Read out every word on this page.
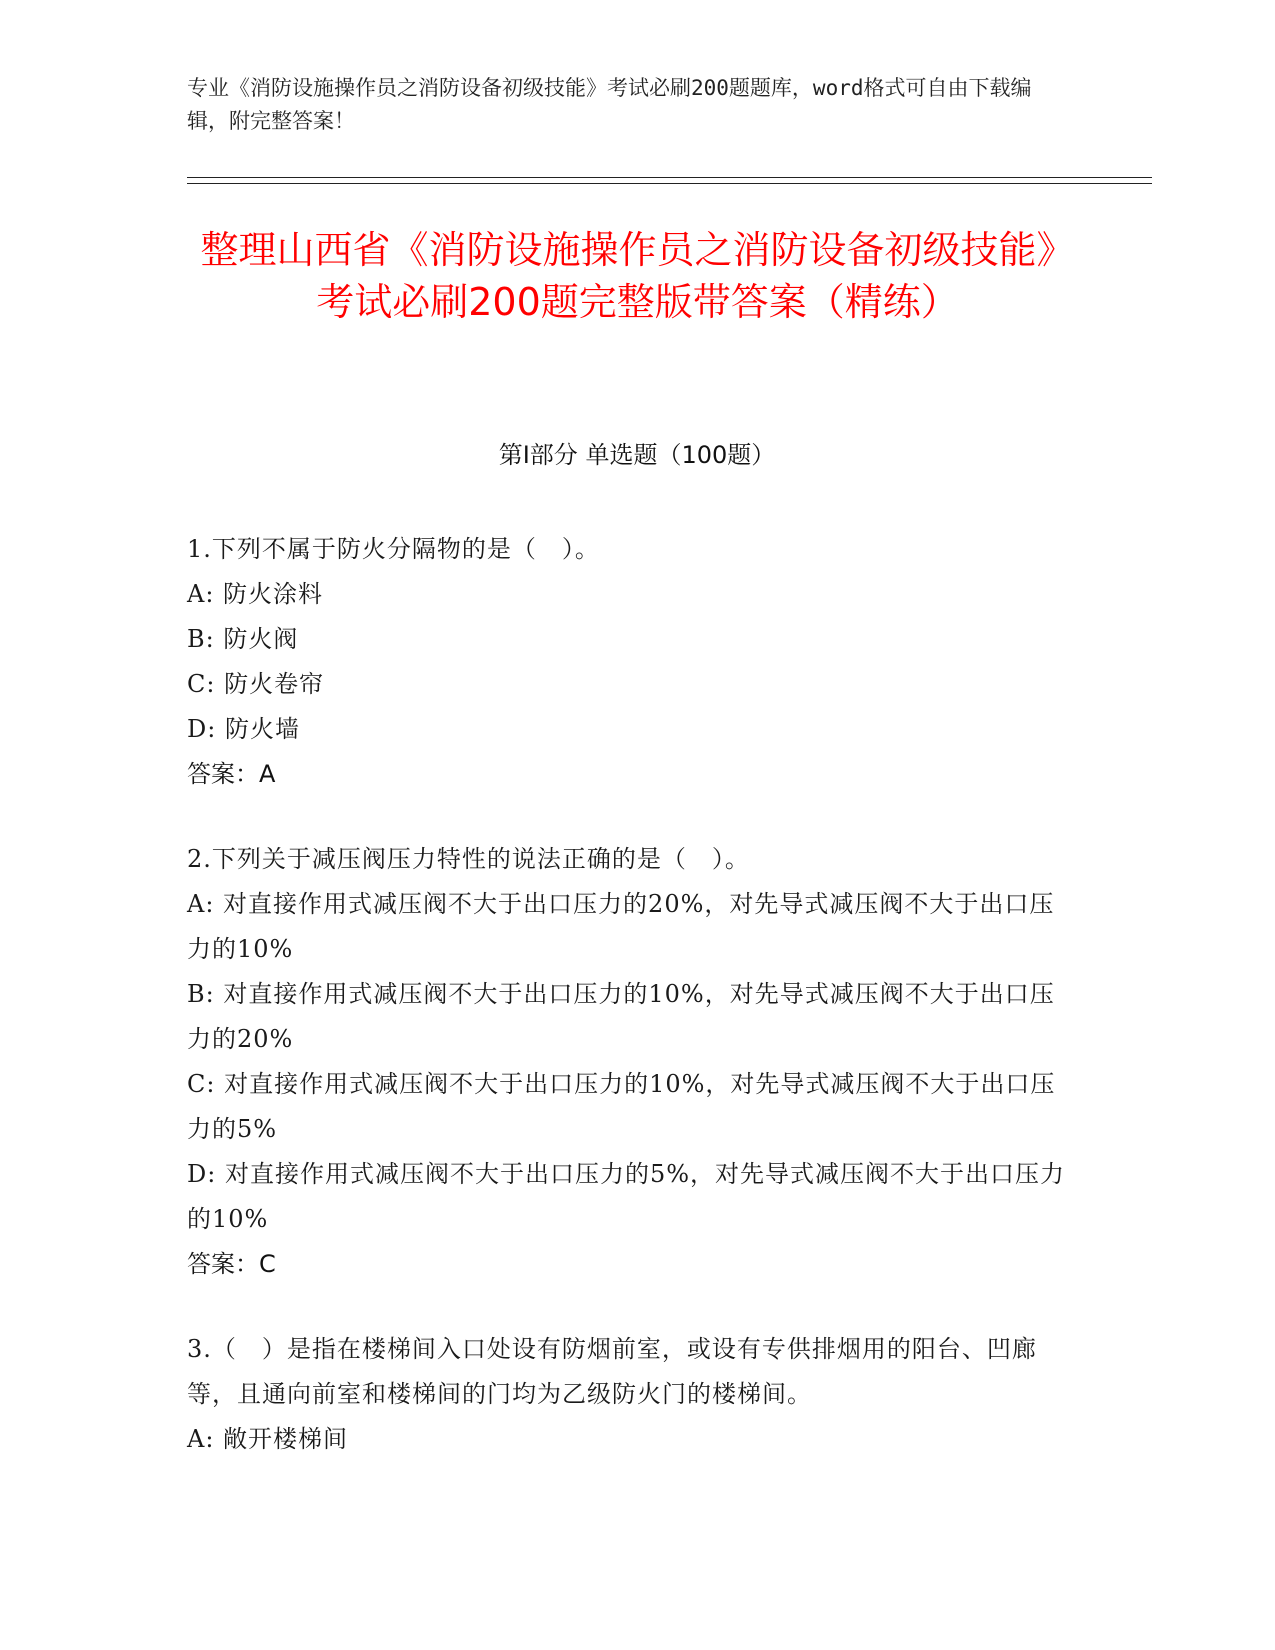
专业《消防设施操作员之消防设备初级技能》考试必刷200题题库，word格式可自由下载编辑，附完整答案！
整理山西省《消防设施操作员之消防设备初级技能》考试必刷200题完整版带答案（精练）
第I部分 单选题（100题）
1.下列不属于防火分隔物的是（　）。
A: 防火涂料
B: 防火阀
C: 防火卷帘
D: 防火墙
答案：A
2.下列关于减压阀压力特性的说法正确的是（　）。
A: 对直接作用式减压阀不大于出口压力的20%，对先导式减压阀不大于出口压力的10%
B: 对直接作用式减压阀不大于出口压力的10%，对先导式减压阀不大于出口压力的20%
C: 对直接作用式减压阀不大于出口压力的10%，对先导式减压阀不大于出口压力的5%
D: 对直接作用式减压阀不大于出口压力的5%，对先导式减压阀不大于出口压力的10%
答案：C
3.（　）是指在楼梯间入口处设有防烟前室，或设有专供排烟用的阳台、凹廊等，且通向前室和楼梯间的门均为乙级防火门的楼梯间。
A: 敞开楼梯间
